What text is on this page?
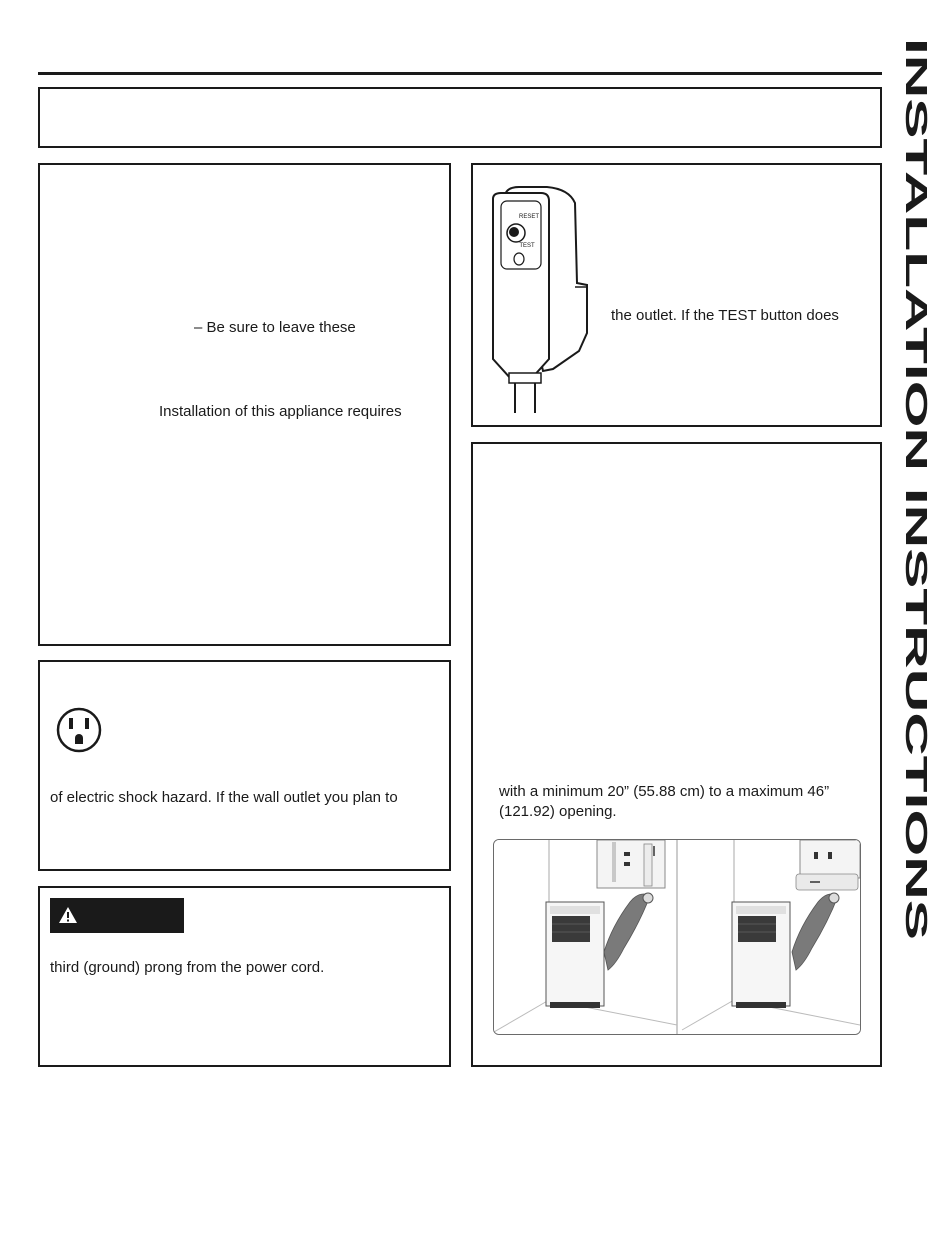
INSTALLATION INSTRUCTIONS
– Be sure to leave these
Installation of this appliance requires
of electric shock hazard. If the wall outlet you plan to
third (ground) prong from the power cord.
RESET
TEST
the outlet. If the TEST button does
with a minimum 20” (55.88 cm) to a maximum 46”
(121.92) opening.
